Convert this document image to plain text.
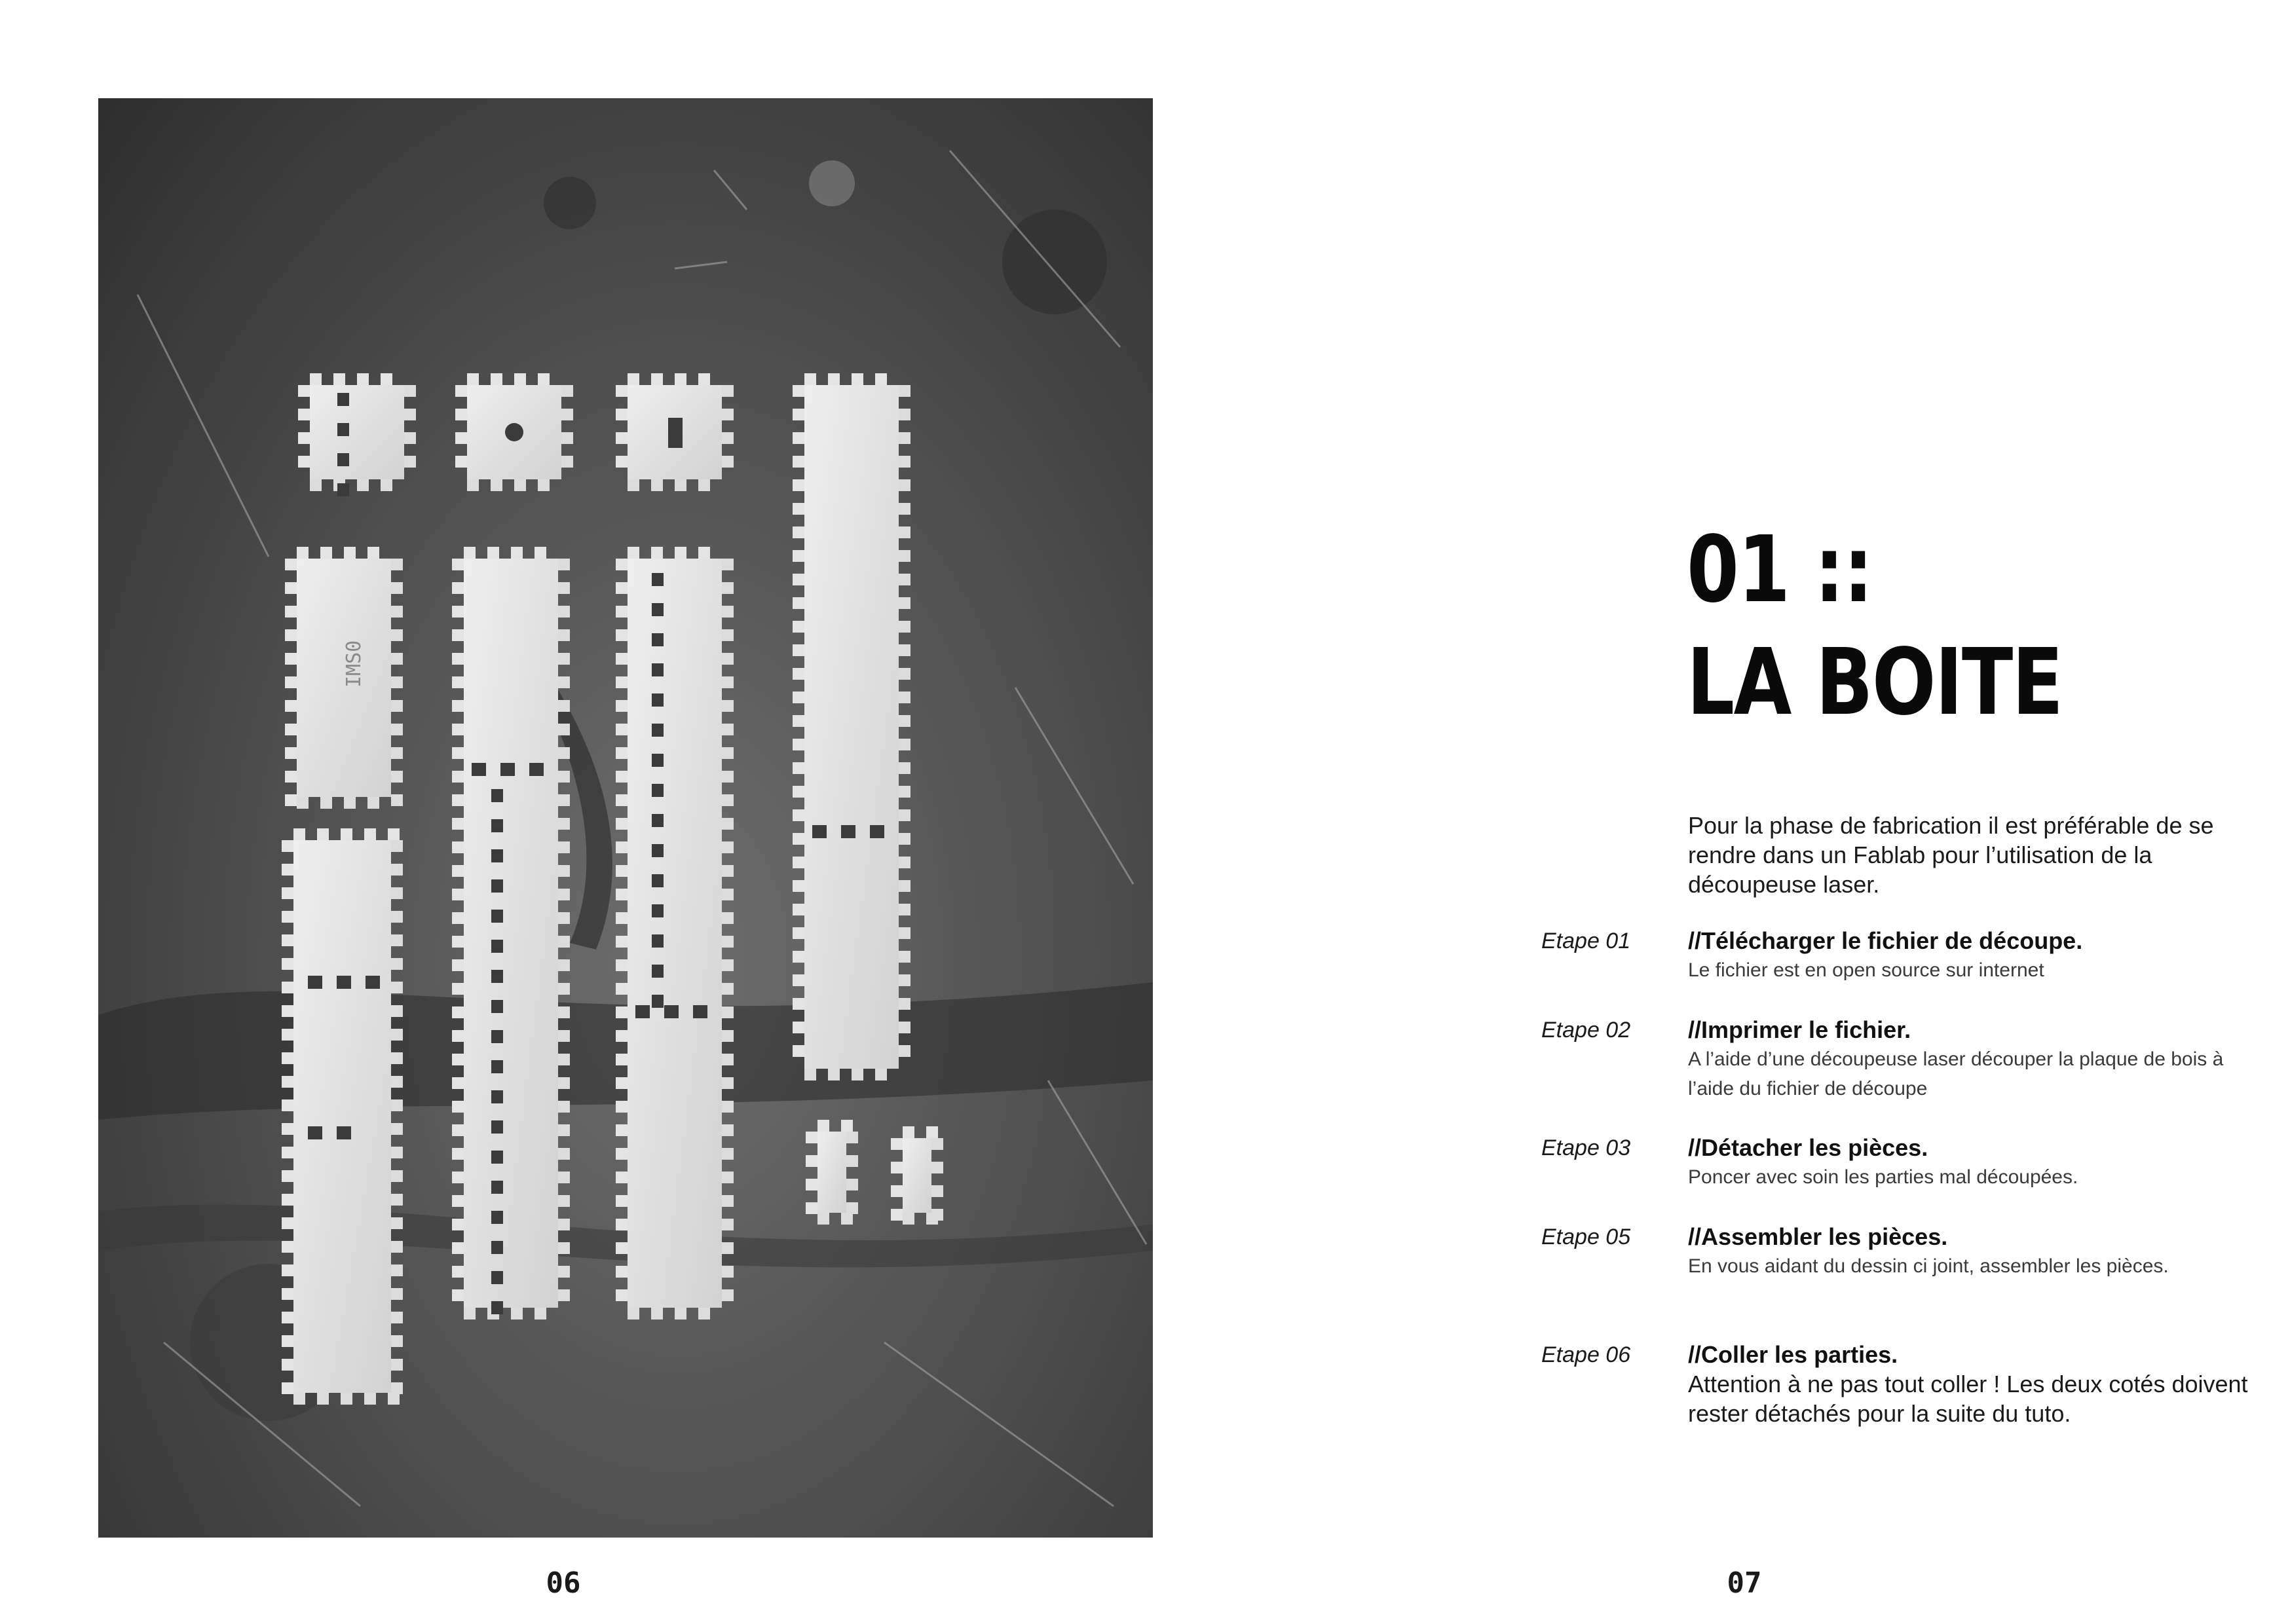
IMS0
06
01 ::
LA BOITE
Pour la phase de fabrication il est préférable de se rendre dans un Fablab pour l’utilisation de la découpeuse laser.
Etape 01	//Télécharger le fichier de découpe.
Le fichier est en open source sur internet
Etape 02	//Imprimer le fichier.
A l’aide d’une découpeuse laser découper la plaque de bois à l’aide du fichier de découpe
Etape 03	//Détacher les pièces.
Poncer avec soin les parties mal découpées.
Etape 05	//Assembler les pièces.
En vous aidant du dessin ci joint, assembler les pièces.
Etape 06	//Coller les parties.
Attention à ne pas tout coller ! Les deux cotés doivent rester détachés pour la suite du tuto.
07
